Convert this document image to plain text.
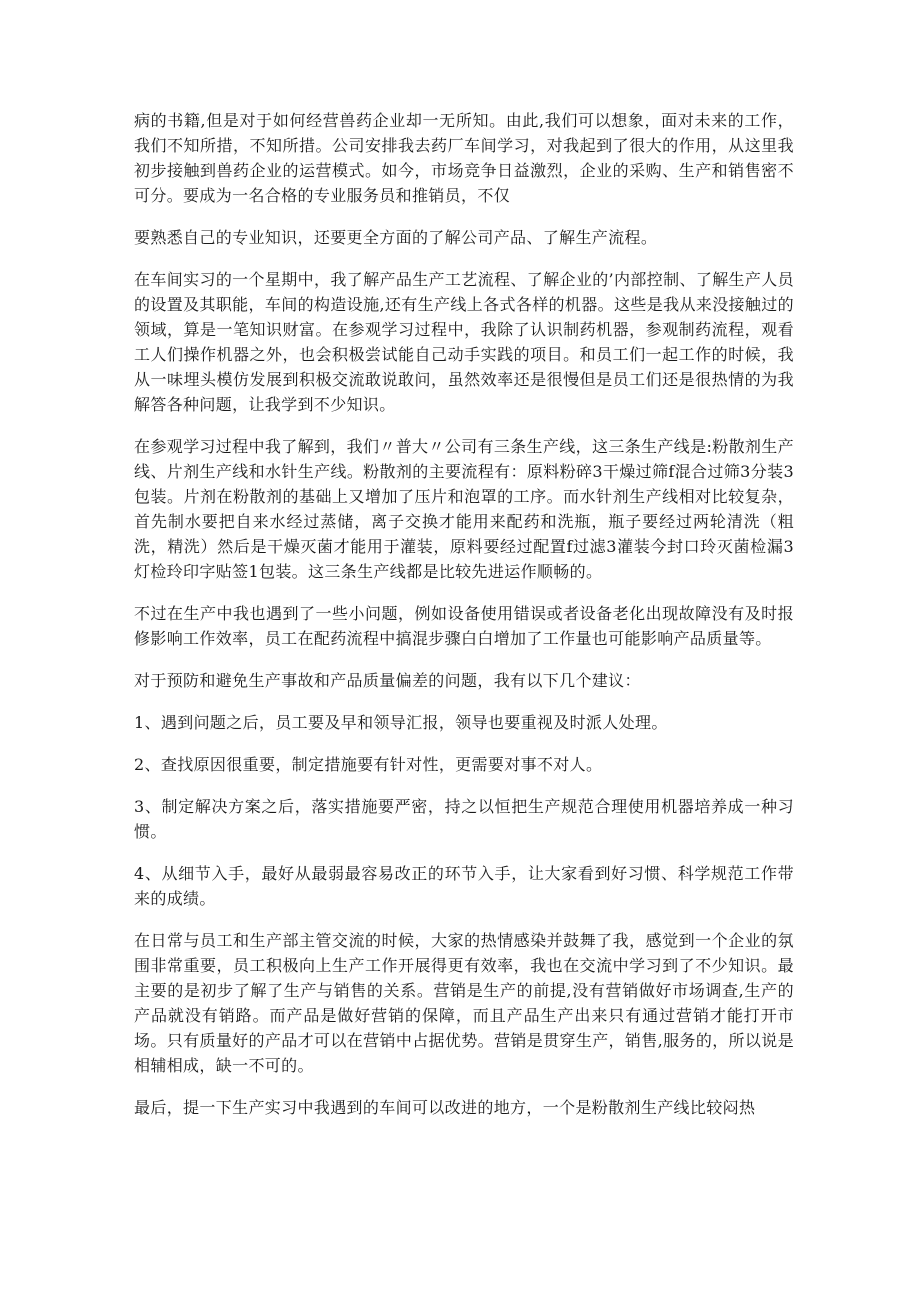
病的书籍,但是对于如何经营兽药企业却一无所知。由此,我们可以想象，面对未来的工作，我们不知所措，不知所措。公司安排我去药厂车间学习，对我起到了很大的作用，从这里我初步接触到兽药企业的运营模式。如今，市场竞争日益激烈，企业的采购、生产和销售密不可分。要成为一名合格的专业服务员和推销员，不仅

要熟悉自己的专业知识，还要更全方面的了解公司产品、了解生产流程。

在车间实习的一个星期中，我了解产品生产工艺流程、了解企业的’内部控制、了解生产人员的设置及其职能，车间的构造设施,还有生产线上各式各样的机器。这些是我从来没接触过的领域，算是一笔知识财富。在参观学习过程中，我除了认识制药机器，参观制药流程，观看工人们操作机器之外，也会积极尝试能自己动手实践的项目。和员工们一起工作的时候，我从一味埋头模仿发展到积极交流敢说敢问，虽然效率还是很慢但是员工们还是很热情的为我解答各种问题，让我学到不少知识。

在参观学习过程中我了解到，我们〃普大〃公司有三条生产线，这三条生产线是:粉散剂生产线、片剂生产线和水针生产线。粉散剂的主要流程有：原料粉碎3干燥过筛f混合过筛3分装3包装。片剂在粉散剂的基础上又增加了压片和泡罩的工序。而水针剂生产线相对比较复杂，首先制水要把自来水经过蒸储，离子交换才能用来配药和洗瓶，瓶子要经过两轮清洗（粗洗，精洗）然后是干燥灭菌才能用于灌装，原料要经过配置f过滤3灌装今封口玲灭菌检漏3灯检玲印字贴签1包装。这三条生产线都是比较先进运作顺畅的。

不过在生产中我也遇到了一些小问题，例如设备使用错误或者设备老化出现故障没有及时报修影响工作效率，员工在配药流程中搞混步骤白白增加了工作量也可能影响产品质量等。

对于预防和避免生产事故和产品质量偏差的问题，我有以下几个建议：

1、遇到问题之后，员工要及早和领导汇报，领导也要重视及时派人处理。

2、查找原因很重要，制定措施要有针对性，更需要对事不对人。

3、制定解决方案之后，落实措施要严密，持之以恒把生产规范合理使用机器培养成一种习惯。

4、从细节入手，最好从最弱最容易改正的环节入手，让大家看到好习惯、科学规范工作带来的成绩。

在日常与员工和生产部主管交流的时候，大家的热情感染并鼓舞了我，感觉到一个企业的氛围非常重要，员工积极向上生产工作开展得更有效率，我也在交流中学习到了不少知识。最主要的是初步了解了生产与销售的关系。营销是生产的前提,没有营销做好市场调查,生产的产品就没有销路。而产品是做好营销的保障，而且产品生产出来只有通过营销才能打开市场。只有质量好的产品才可以在营销中占据优势。营销是贯穿生产，销售,服务的，所以说是相辅相成，缺一不可的。

最后，提一下生产实习中我遇到的车间可以改进的地方，一个是粉散剂生产线比较闷热
